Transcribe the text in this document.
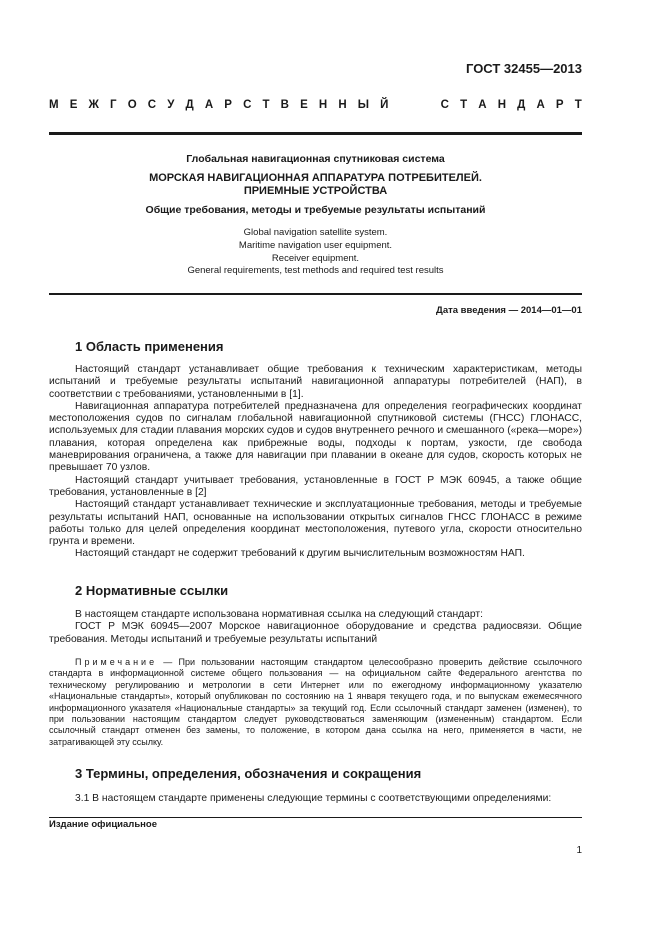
ГОСТ 32455—2013
М Е Ж Г О С У Д А Р С Т В Е Н Н Ы Й	С Т А Н Д А Р Т
Глобальная навигационная спутниковая система
МОРСКАЯ НАВИГАЦИОННАЯ АППАРАТУРА ПОТРЕБИТЕЛЕЙ.
ПРИЕМНЫЕ УСТРОЙСТВА
Общие требования, методы и требуемые результаты испытаний
Global navigation satellite system.
Maritime navigation user equipment.
Receiver equipment.
General requirements, test methods and required test results
Дата введения — 2014—01—01
1 Область применения

Настоящий стандарт устанавливает общие требования к техническим характеристикам, методы испытаний и требуемые результаты испытаний навигационной аппаратуры потребителей (НАП), в соответствии с требованиями, установленными в [1].

Навигационная аппаратура потребителей предназначена для определения географических координат местоположения судов по сигналам глобальной навигационной спутниковой системы (ГНСС) ГЛОНАСС, используемых для стадии плавания морских судов и судов внутреннего речного и смешанного («река—море») плавания, которая определена как прибрежные воды, подходы к портам, узкости, где свобода маневрирования ограничена, а также для навигации при плавании в океане для судов, скорость которых не превышает 70 узлов.

Настоящий стандарт учитывает требования, установленные в ГОСТ Р МЭК 60945, а также общие требования, установленные в [2]

Настоящий стандарт устанавливает технические и эксплуатационные требования, методы и требуемые результаты испытаний НАП, основанные на использовании открытых сигналов ГНСС ГЛОНАСС в режиме работы только для целей определения координат местоположения, путевого угла, скорости относительно грунта и времени.

Настоящий стандарт не содержит требований к другим вычислительным возможностям НАП.

2 Нормативные ссылки

В настоящем стандарте использована нормативная ссылка на следующий стандарт:

ГОСТ Р МЭК 60945—2007 Морское навигационное оборудование и средства радиосвязи. Общие требования. Методы испытаний и требуемые результаты испытаний

Примечание — При пользовании настоящим стандартом целесообразно проверить действие ссылочного стандарта в информационной системе общего пользования — на официальном сайте Федерального агентства по техническому регулированию и метрологии в сети Интернет или по ежегодному информационному указателю «Национальные стандарты», который опубликован по состоянию на 1 января текущего года, и по выпускам ежемесячного информационного указателя «Национальные стандарты» за текущий год. Если ссылочный стандарт заменен (изменен), то при пользовании настоящим стандартом следует руководствоваться заменяющим (измененным) стандартом. Если ссылочный стандарт отменен без замены, то положение, в котором дана ссылка на него, применяется в части, не затрагивающей эту ссылку.

3 Термины, определения, обозначения и сокращения

3.1 В настоящем стандарте применены следующие термины с соответствующими определениями:

Издание официальное
1
